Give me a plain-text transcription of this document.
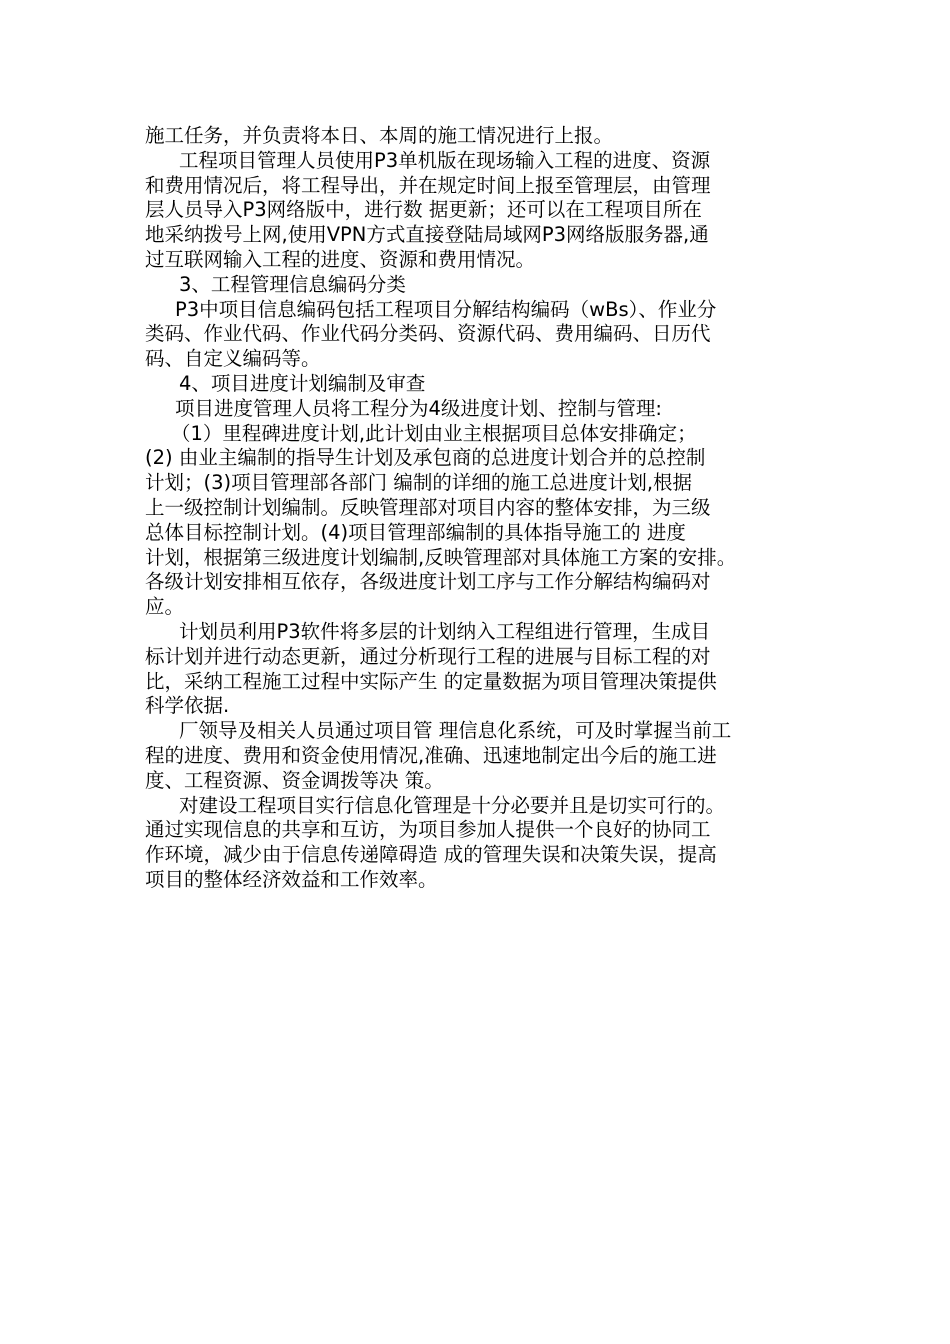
施工任务，并负责将本日、本周的施工情况进行上报。
工程项目管理人员使用P3单机版在现场输入工程的进度、资源
和费用情况后，将工程导出，并在规定时间上报至管理层，由管理
层人员导入P3网络版中，进行数 据更新；还可以在工程项目所在
地采纳拨号上网,使用VPN方式直接登陆局域网P3网络版服务器,通
过互联网输入工程的进度、资源和费用情况。
3、工程管理信息编码分类
P3中项目信息编码包括工程项目分解结构编码（wBs）、作业分
类码、作业代码、作业代码分类码、资源代码、费用编码、日历代
码、自定义编码等。
4、项目进度计划编制及审查
项目进度管理人员将工程分为4级进度计划、控制与管理:
（1）里程碑进度计划,此计划由业主根据项目总体安排确定；
(2) 由业主编制的指导生计划及承包商的总进度计划合并的总控制
计划；(3)项目管理部各部门 编制的详细的施工总进度计划,根据
上一级控制计划编制。反映管理部对项目内容的整体安排，为三级
总体目标控制计划。(4)项目管理部编制的具体指导施工的 进度
计划，根据第三级进度计划编制,反映管理部对具体施工方案的安排。
各级计划安排相互依存，各级进度计划工序与工作分解结构编码对
应。
计划员利用P3软件将多层的计划纳入工程组进行管理，生成目
标计划并进行动态更新，通过分析现行工程的进展与目标工程的对
比，采纳工程施工过程中实际产生 的定量数据为项目管理决策提供
科学依据.
厂领导及相关人员通过项目管 理信息化系统，可及时掌握当前工
程的进度、费用和资金使用情况,准确、迅速地制定出今后的施工进
度、工程资源、资金调拨等决 策。
对建设工程项目实行信息化管理是十分必要并且是切实可行的。
通过实现信息的共享和互访，为项目参加人提供一个良好的协同工
作环境，减少由于信息传递障碍造 成的管理失误和决策失误，提高
项目的整体经济效益和工作效率。
